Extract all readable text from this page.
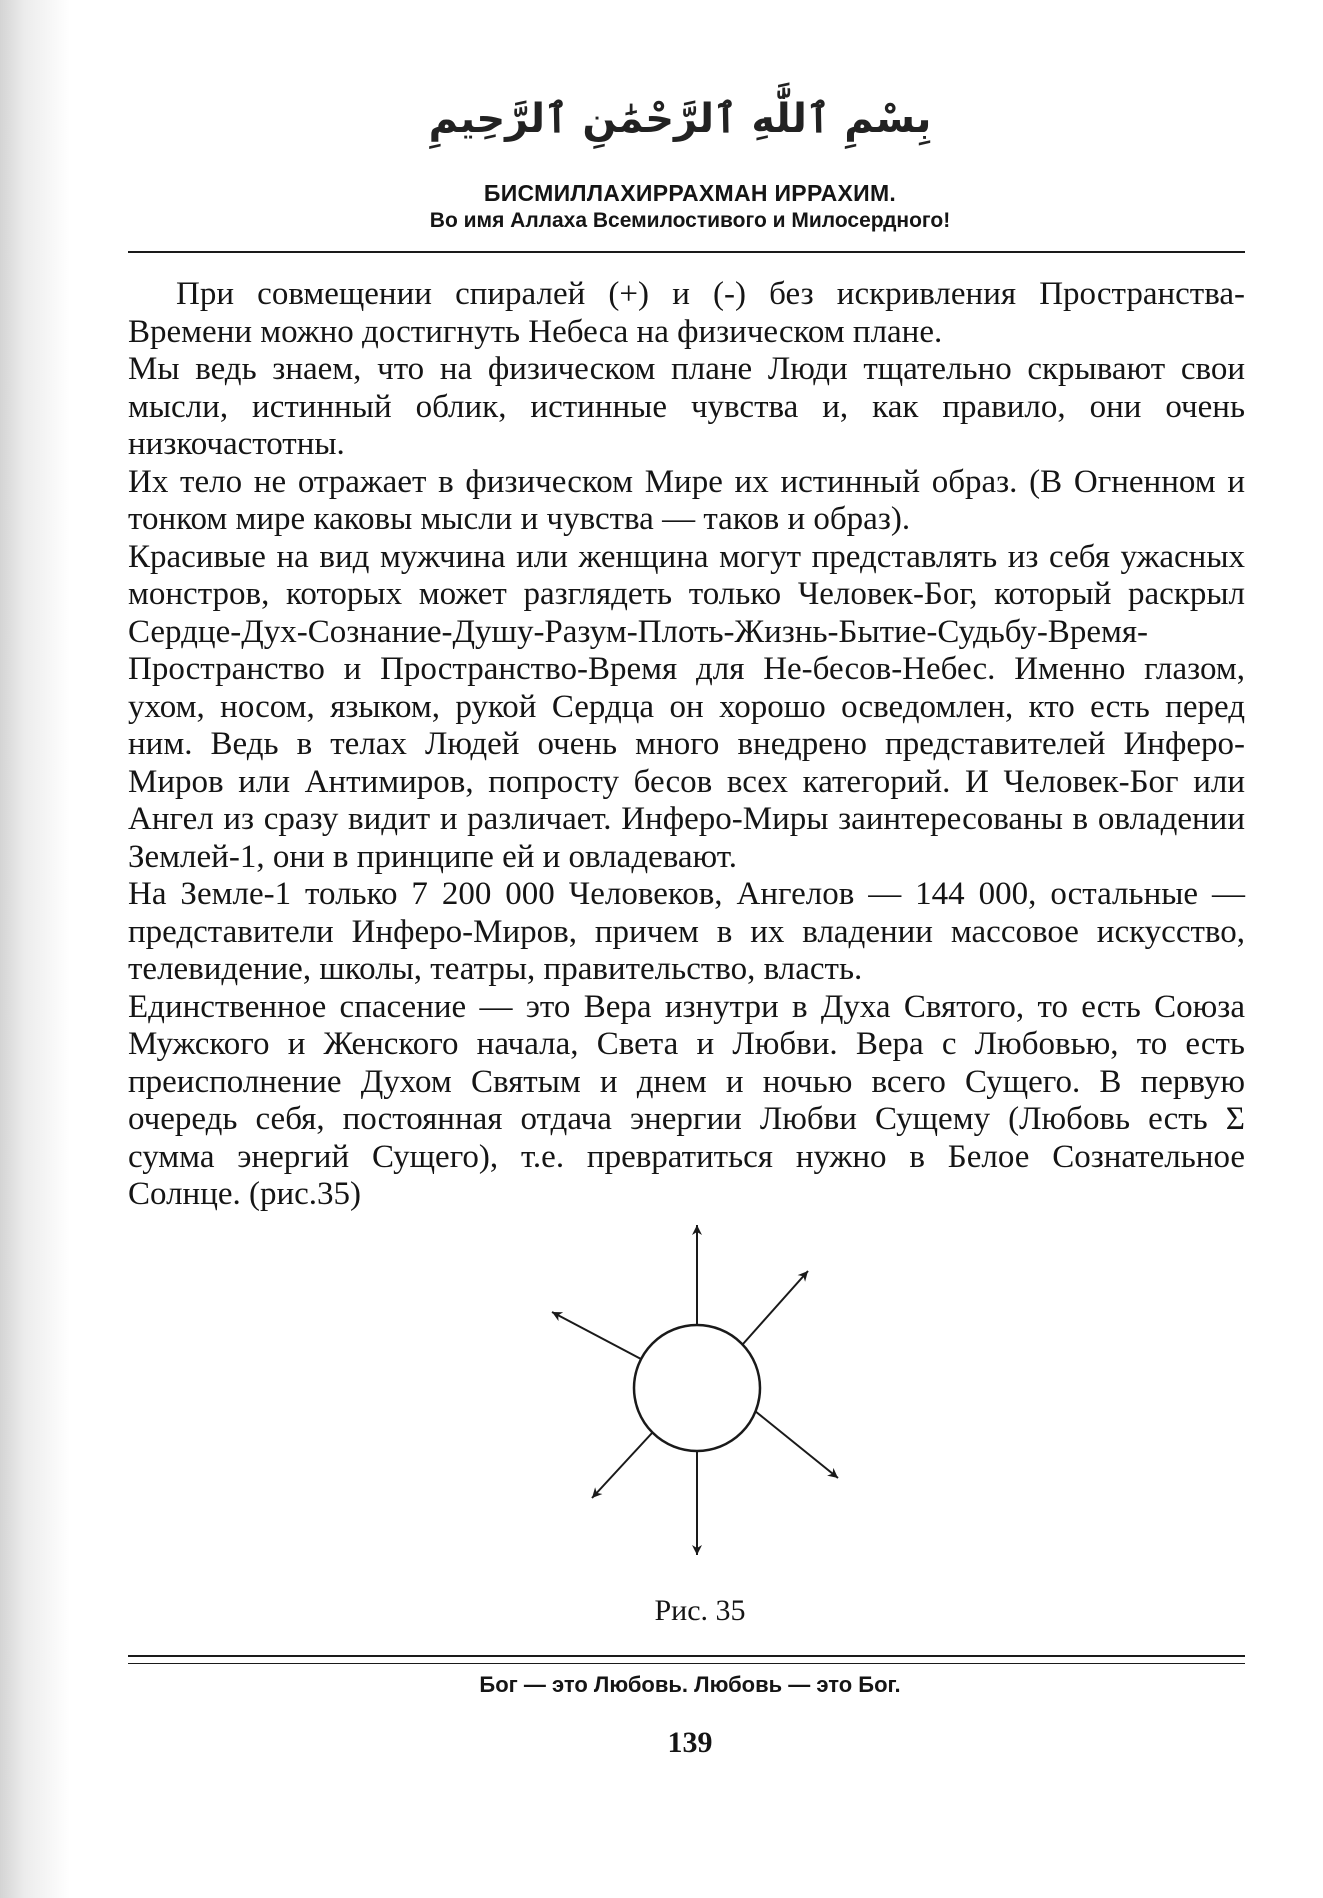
بِسْمِ ٱللَّٰهِ ٱلرَّحْمَٰنِ ٱلرَّحِيمِ
БИСМИЛЛАХИРРАХМАН ИРРАХИМ.
Во имя Аллаха Всемилостивого и Милосердного!

При совмещении спиралей (+) и (-) без искривления Пространства-Времени можно достигнуть Небеса на физическом плане.

Мы ведь знаем, что на физическом плане Люди тщательно скрывают свои мысли, истинный облик, истинные чувства и, как правило, они очень низкочастотны.

Их тело не отражает в физическом Мире их истинный образ. (В Огненном и тонком мире каковы мысли и чувства — таков и образ).

Красивые на вид мужчина или женщина могут представлять из себя ужасных монстров, которых может разглядеть только Человек-Бог, который раскрыл Сердце-Дух-Сознание-Душу-Разум-Плоть-Жизнь-Бытие-Судьбу-Время-Пространство и Пространство-Время для Не-бесов-Небес. Именно глазом, ухом, носом, языком, рукой Сердца он хорошо осведомлен, кто есть перед ним. Ведь в телах Людей очень много внедрено представителей Инферо-Миров или Антимиров, попросту бесов всех категорий. И Человек-Бог или Ангел из сразу видит и различает. Инферо-Миры заинтересованы в овладении Землей-1, они в принципе ей и овладевают.

На Земле-1 только 7 200 000 Человеков, Ангелов — 144 000, остальные — представители Инферо-Миров, причем в их владении массовое искусство, телевидение, школы, театры, правительство, власть.

Единственное спасение — это Вера изнутри в Духа Святого, то есть Союза Мужского и Женского начала, Света и Любви. Вера с Любовью, то есть преисполнение Духом Святым и днем и ночью всего Сущего. В первую очередь себя, постоянная отдача энергии Любви Сущему (Любовь есть Σ сумма энергий Сущего), т.е. превратиться нужно в Белое Сознательное Солнце. (рис.35)

Рис. 35
Бог — это Любовь. Любовь — это Бог.
139
